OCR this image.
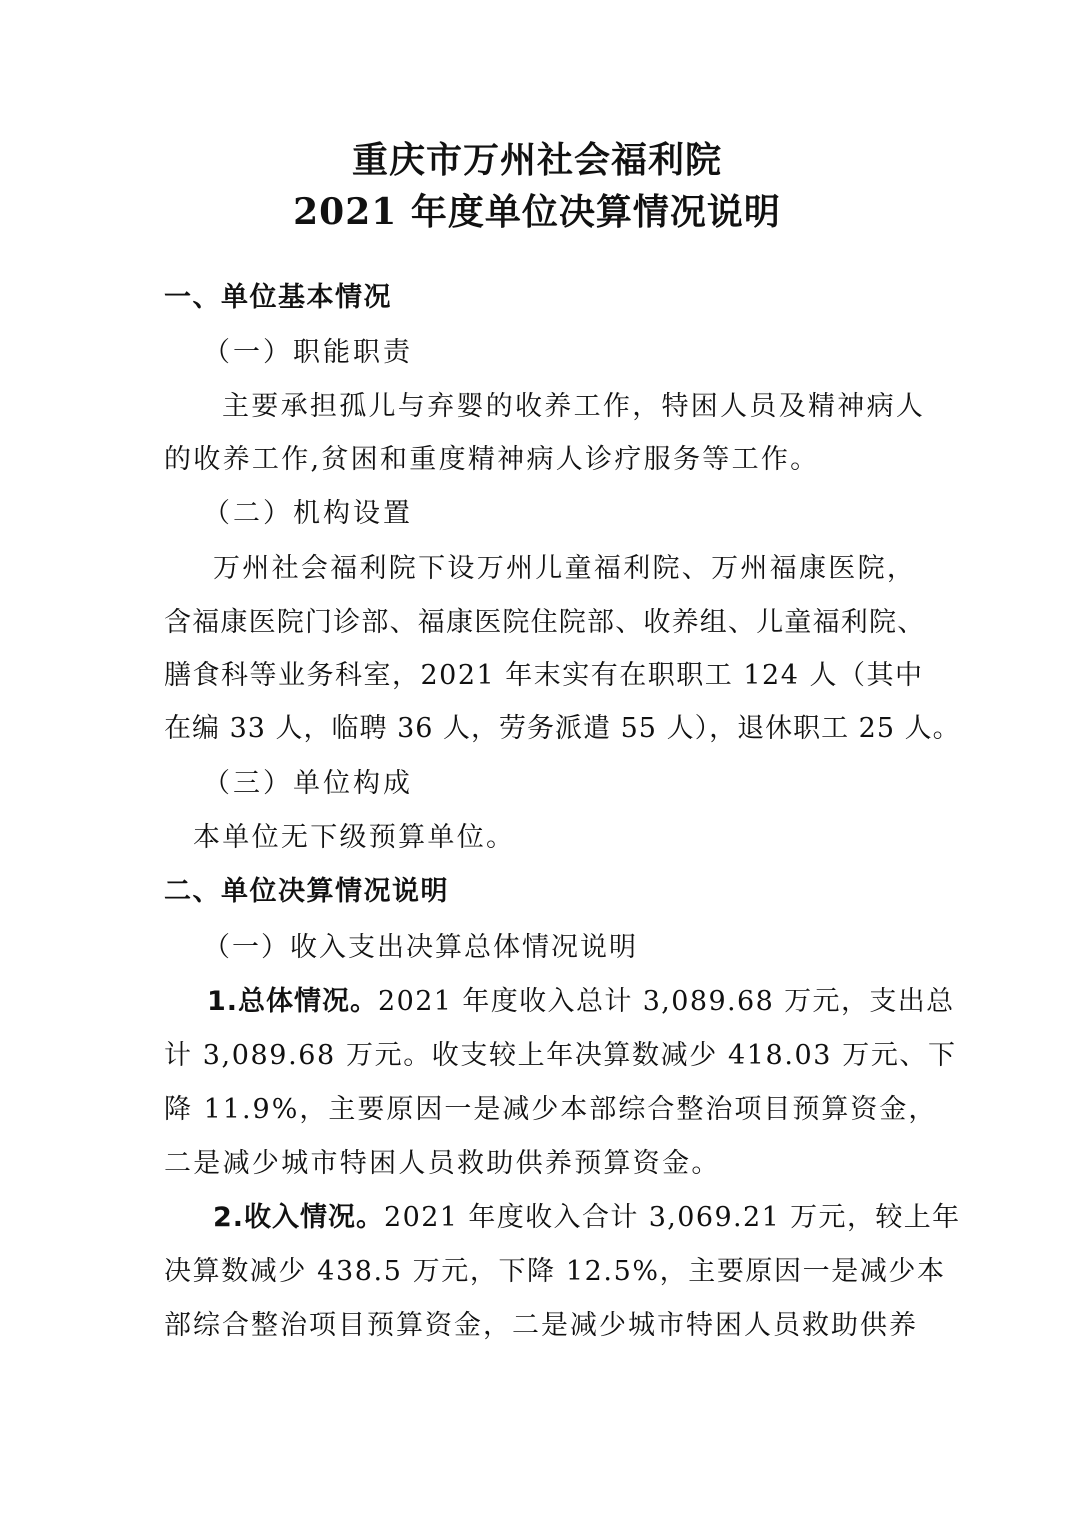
重庆市万州社会福利院
2021 年度单位决算情况说明
一、单位基本情况
（一）职能职责
主要承担孤儿与弃婴的收养工作，特困人员及精神病人
的收养工作,贫困和重度精神病人诊疗服务等工作。
（二）机构设置
万州社会福利院下设万州儿童福利院、万州福康医院，
含福康医院门诊部、福康医院住院部、收养组、儿童福利院、
膳食科等业务科室，2021 年末实有在职职工 124 人（其中
在编 33 人，临聘 36 人，劳务派遣 55 人），退休职工 25 人。
（三）单位构成
本单位无下级预算单位。
二、单位决算情况说明
（一）收入支出决算总体情况说明
1.总体情况。2021 年度收入总计 3,089.68 万元，支出总
计 3,089.68 万元。收支较上年决算数减少 418.03 万元、下
降 11.9%，主要原因一是减少本部综合整治项目预算资金，
二是减少城市特困人员救助供养预算资金。
2.收入情况。2021 年度收入合计 3,069.21 万元，较上年
决算数减少 438.5 万元，下降 12.5%，主要原因一是减少本
部综合整治项目预算资金，二是减少城市特困人员救助供养
